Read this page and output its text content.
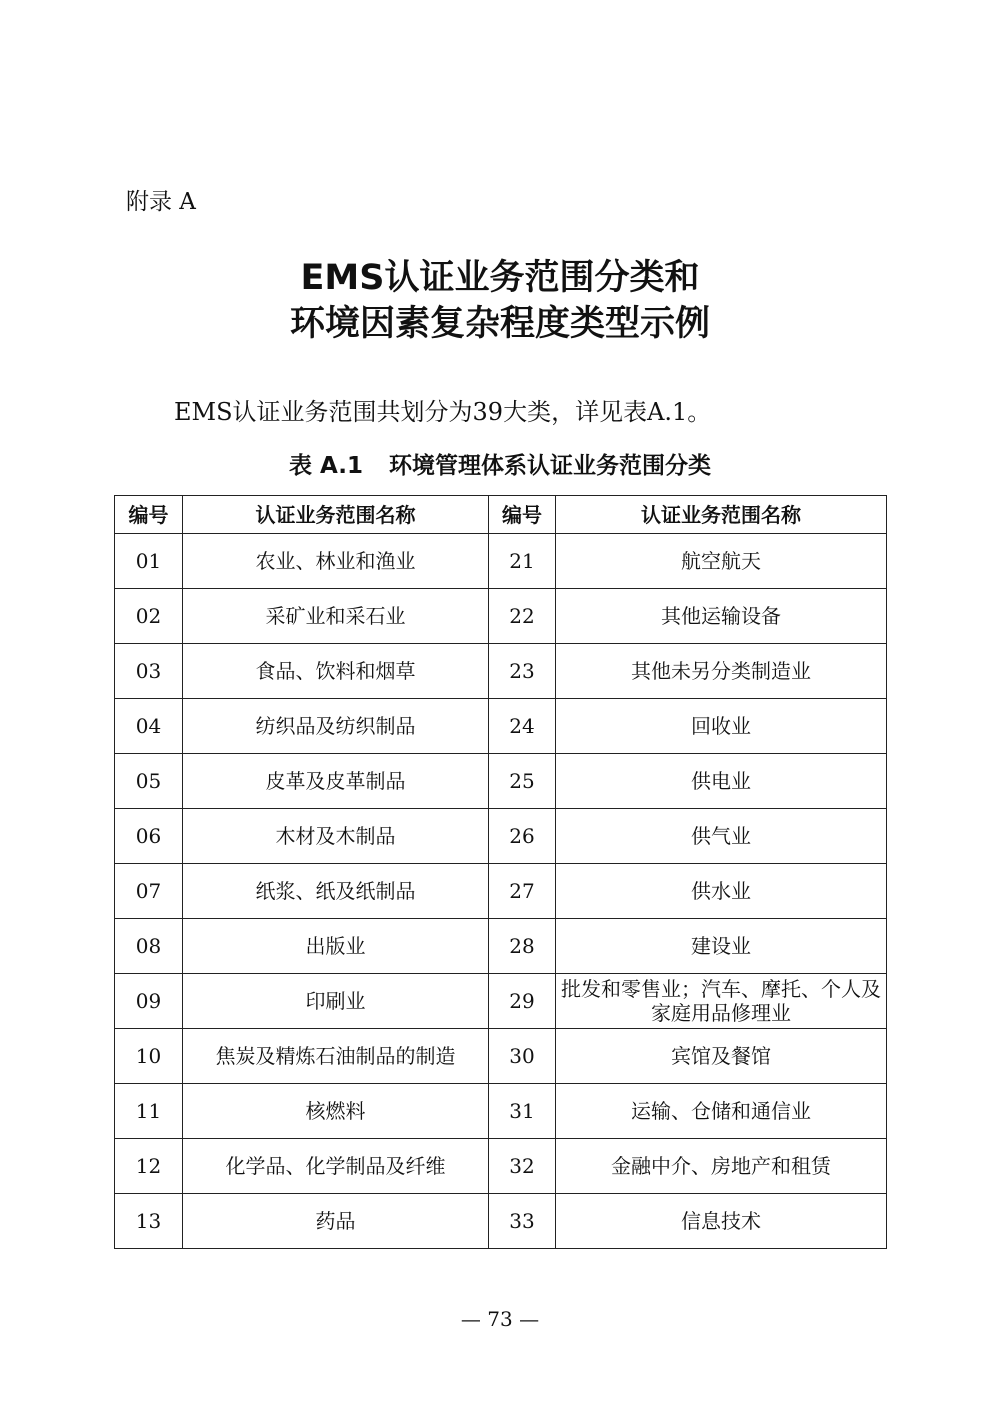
附录 A
EMS认证业务范围分类和
环境因素复杂程度类型示例
EMS认证业务范围共划分为39大类，详见表A.1。
表 A.1 环境管理体系认证业务范围分类
编号	认证业务范围名称	编号	认证业务范围名称
01	农业、林业和渔业	21	航空航天
02	采矿业和采石业	22	其他运输设备
03	食品、饮料和烟草	23	其他未另分类制造业
04	纺织品及纺织制品	24	回收业
05	皮革及皮革制品	25	供电业
06	木材及木制品	26	供气业
07	纸浆、纸及纸制品	27	供水业
08	出版业	28	建设业
09	印刷业	29	批发和零售业；汽车、摩托、个人及家庭用品修理业
10	焦炭及精炼石油制品的制造	30	宾馆及餐馆
11	核燃料	31	运输、仓储和通信业
12	化学品、化学制品及纤维	32	金融中介、房地产和租赁
13	药品	33	信息技术
— 73 —
